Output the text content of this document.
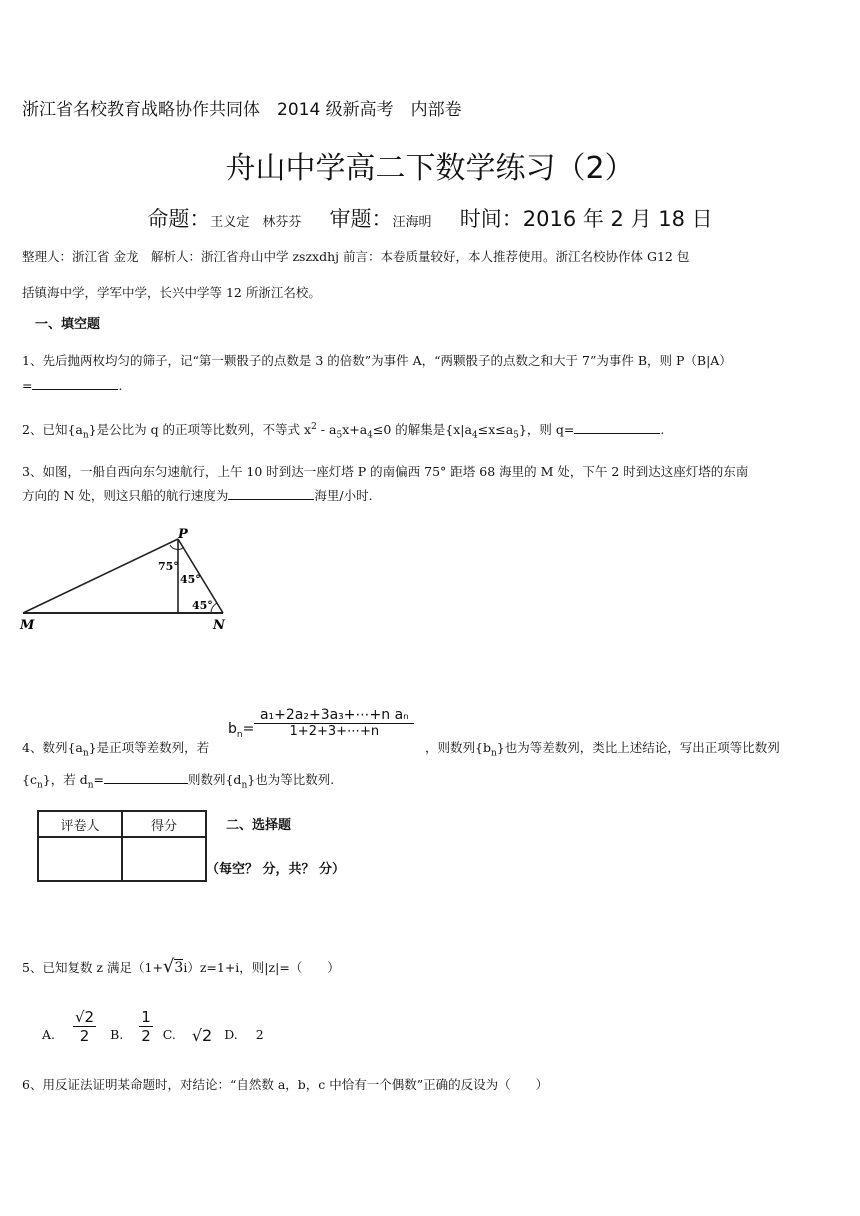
浙江省名校教育战略协作共同体　2014 级新高考　内部卷
舟山中学高二下数学练习（2）
命题：王义定　林芬芬 审题：汪海明 时间：2016 年 2 月 18 日
整理人：浙江省 金龙　解析人：浙江省舟山中学 zszxdhj 前言：本卷质量较好，本人推荐使用。浙江名校协作体 G12 包
括镇海中学，学军中学，长兴中学等 12 所浙江名校。
一、填空题
1、先后抛两枚均匀的筛子，记“第一颗骰子的点数是 3 的倍数”为事件 A，“两颗骰子的点数之和大于 7”为事件 B，则 P（B|A）
=	.
2、已知$\{a_n\}$是公比为 q 的正项等比数列，不等式 $x^2 - a_5x+a_4\le 0$ 的解集是$\{x|a_4\le x\le a_5\}$，则 q=	.
3、如图，一船自西向东匀速航行，上午 10 时到达一座灯塔 P 的南偏西 75° 距塔 68 海里的 M 处，下午 2 时到达这座灯塔的东南
方向的 N 处，则这只船的航行速度为	海里/小时.
P
M	N
75°
45°
45°
4、数列$\{a_n\}$是正项等差数列，若
$b_n= \frac{\text{a₁+2a₂+3a₃+⋯+n aₙ}}{1+2+3+\cdots+n}$
，则数列$\{b_n\}$也为等差数列，类比上述结论，写出正项等比数列
$\{c_n\}$，若 $d_n=$	则数列$\{d_n\}$也为等比数列.
评卷人	得分
		二、选择题
（每空？ 分，共？ 分）
5、已知复数 z 满足（1+√3i）z=1+i，则|z|=（　　）
A. $\frac{√2}{2} B$. $\frac{1}{2} C$. √2 D. 2
6、用反证法证明某命题时，对结论：“自然数 a，b，c 中恰有一个偶数”正确的反设为（　　）
